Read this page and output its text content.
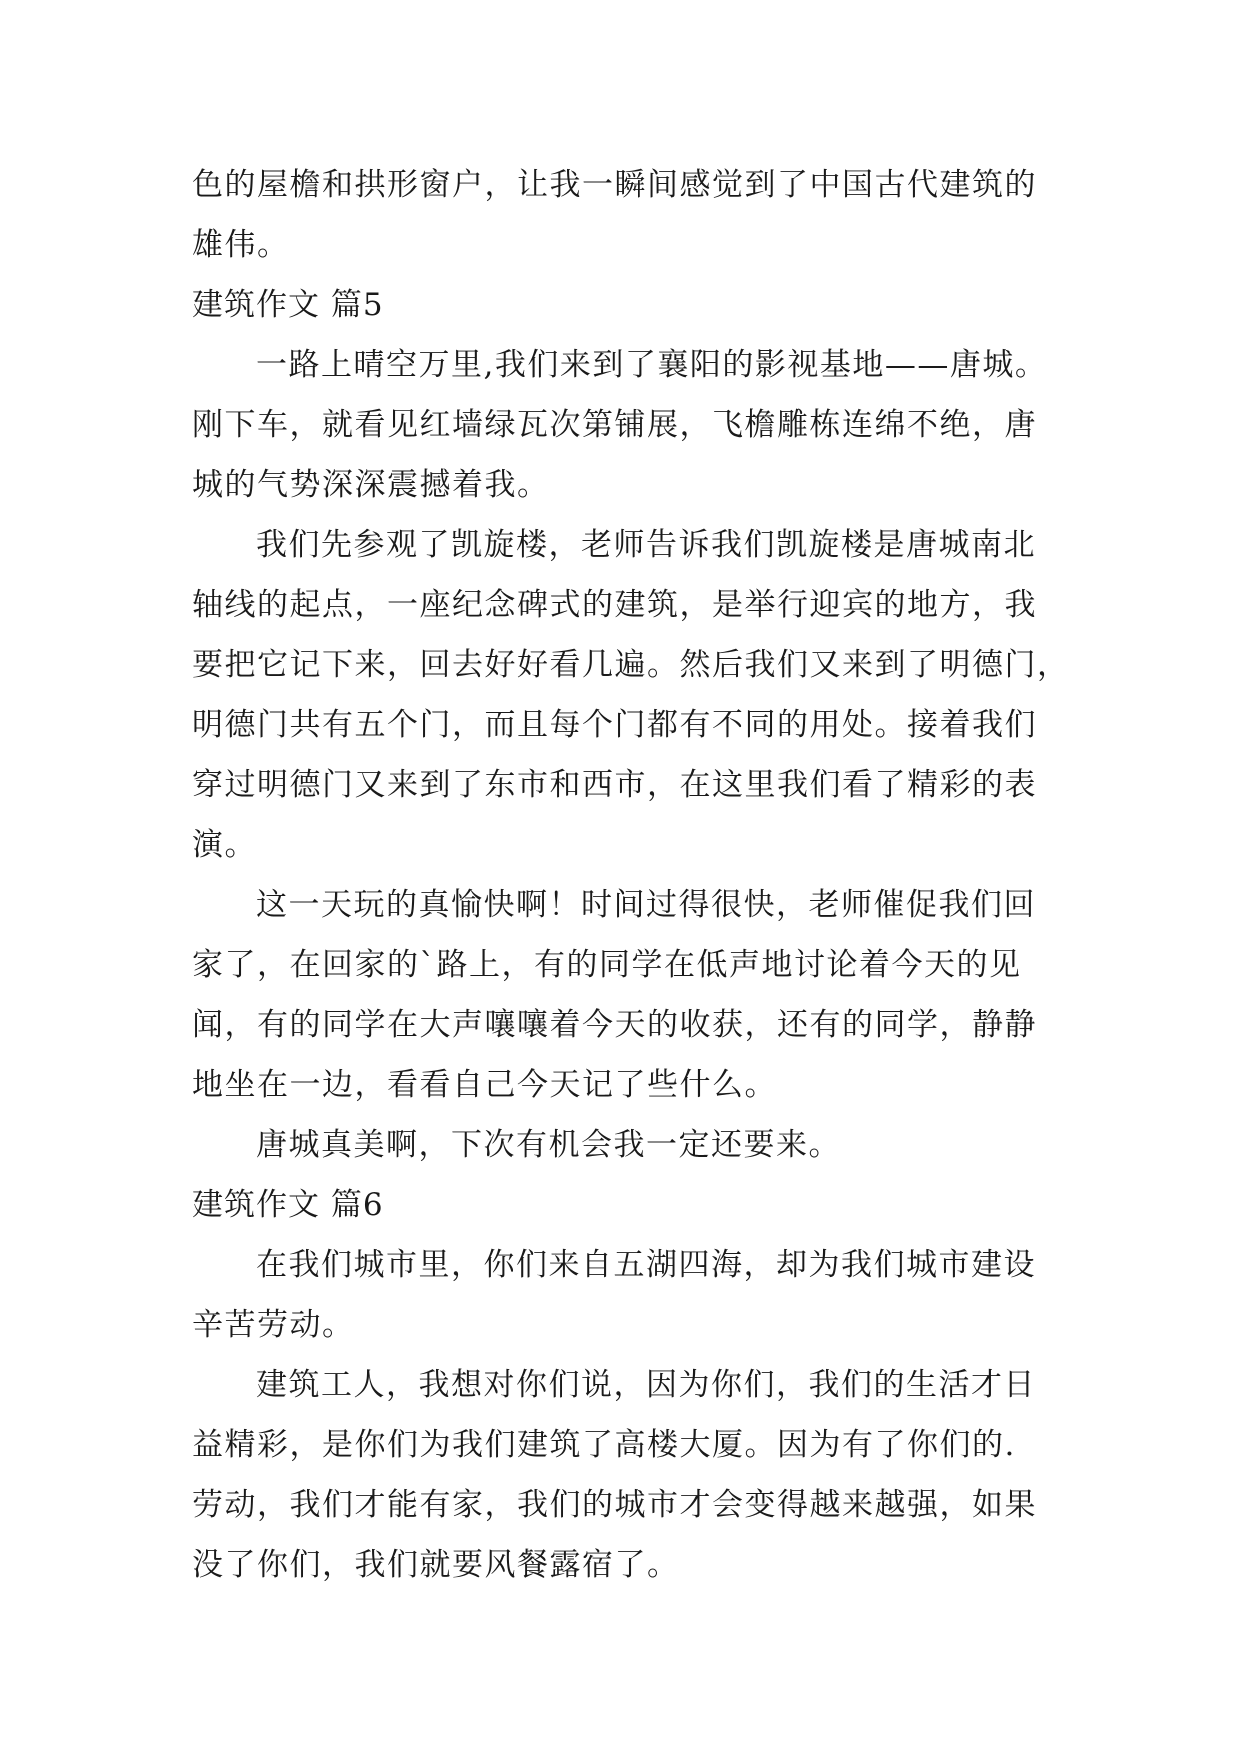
色的屋檐和拱形窗户，让我一瞬间感觉到了中国古代建筑的
雄伟。
建筑作文 篇5
一路上晴空万里,我们来到了襄阳的影视基地——唐城。
刚下车，就看见红墙绿瓦次第铺展，飞檐雕栋连绵不绝，唐
城的气势深深震撼着我。
我们先参观了凯旋楼，老师告诉我们凯旋楼是唐城南北
轴线的起点，一座纪念碑式的建筑，是举行迎宾的地方，我
要把它记下来，回去好好看几遍。然后我们又来到了明德门，
明德门共有五个门，而且每个门都有不同的用处。接着我们
穿过明德门又来到了东市和西市，在这里我们看了精彩的表
演。
这一天玩的真愉快啊！时间过得很快，老师催促我们回
家了，在回家的`路上，有的同学在低声地讨论着今天的见
闻，有的同学在大声嚷嚷着今天的收获，还有的同学，静静
地坐在一边，看看自己今天记了些什么。
唐城真美啊，下次有机会我一定还要来。
建筑作文 篇6
在我们城市里，你们来自五湖四海，却为我们城市建设
辛苦劳动。
建筑工人，我想对你们说，因为你们，我们的生活才日
益精彩，是你们为我们建筑了高楼大厦。因为有了你们的.
劳动，我们才能有家，我们的城市才会变得越来越强，如果
没了你们，我们就要风餐露宿了。
